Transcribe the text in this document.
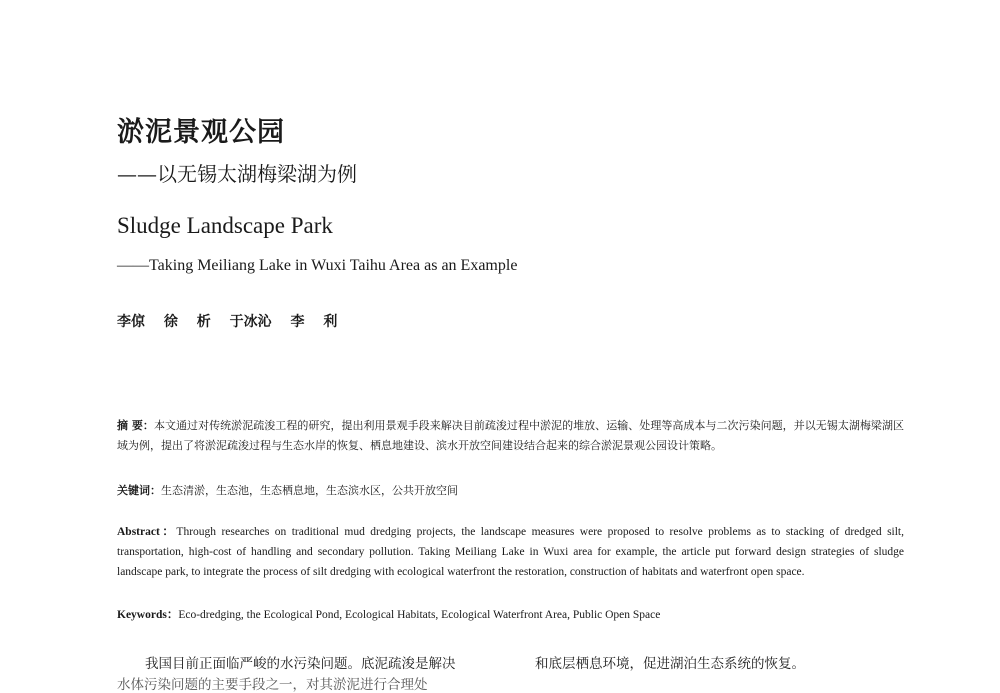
淤泥景观公园
——以无锡太湖梅梁湖为例
Sludge Landscape Park
——Taking Meiliang Lake in Wuxi Taihu Area as an Example
李倞 徐 析 于冰沁 李 利
摘 要：本文通过对传统淤泥疏浚工程的研究，提出利用景观手段来解决目前疏浚过程中淤泥的堆放、运输、处理等高成本与二次污染问题，并以无锡太湖梅梁湖区域为例，提出了将淤泥疏浚过程与生态水岸的恢复、栖息地建设、滨水开放空间建设结合起来的综合淤泥景观公园设计策略。
关键词：生态清淤，生态池，生态栖息地，生态滨水区，公共开放空间
Abstract：Through researches on traditional mud dredging projects, the landscape measures were proposed to resolve problems as to stacking of dredged silt, transportation, high-cost of handling and secondary pollution. Taking Meiliang Lake in Wuxi area for example, the article put forward design strategies of sludge landscape park, to integrate the process of silt dredging with ecological waterfront the restoration, construction of habitats and waterfront open space.
Keywords：Eco-dredging, the Ecological Pond, Ecological Habitats, Ecological Waterfront Area, Public Open Space
我国目前正面临严峻的水污染问题。底泥疏浚是解决	和底层栖息环境，促进湖泊生态系统的恢复。
水体污染问题的主要手段之一，对其淤泥进行合理处
